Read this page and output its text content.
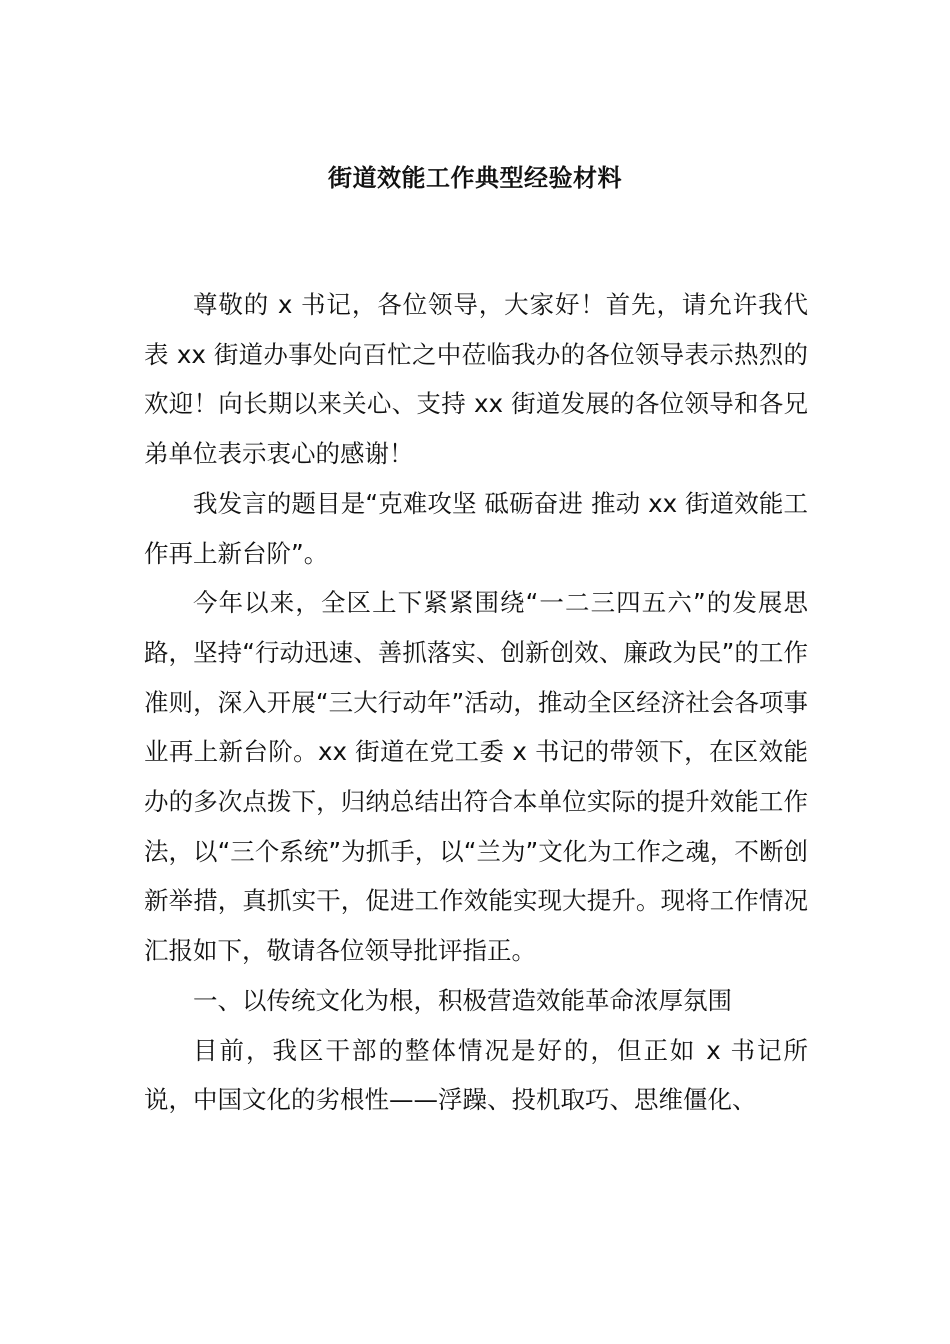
街道效能工作典型经验材料

尊敬的 x 书记，各位领导，大家好！首先，请允许我代表 xx 街道办事处向百忙之中莅临我办的各位领导表示热烈的欢迎！向长期以来关心、支持 xx 街道发展的各位领导和各兄弟单位表示衷心的感谢！

我发言的题目是“克难攻坚 砥砺奋进 推动 xx 街道效能工作再上新台阶”。

今年以来，全区上下紧紧围绕“一二三四五六”的发展思路，坚持“行动迅速、善抓落实、创新创效、廉政为民”的工作准则，深入开展“三大行动年”活动，推动全区经济社会各项事业再上新台阶。xx 街道在党工委 x 书记的带领下，在区效能办的多次点拨下，归纳总结出符合本单位实际的提升效能工作法，以“三个系统”为抓手，以“兰为”文化为工作之魂，不断创新举措，真抓实干，促进工作效能实现大提升。现将工作情况汇报如下，敬请各位领导批评指正。

一、以传统文化为根，积极营造效能革命浓厚氛围

目前，我区干部的整体情况是好的，但正如 x 书记所说，中国文化的劣根性——浮躁、投机取巧、思维僵化、
